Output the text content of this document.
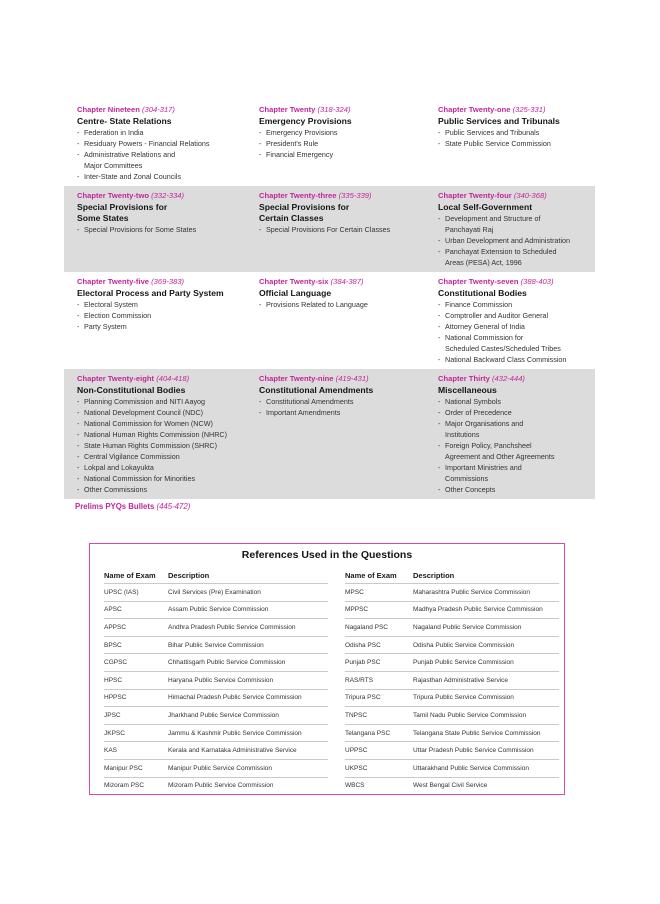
Chapter Nineteen (304-317)
Centre- State Relations
- Federation in India
- Residuary Powers - Financial Relations
- Administrative Relations and
Major Committees
- Inter-State and Zonal Councils
Chapter Twenty (318-324)
Emergency Provisions
- Emergency Provisions
- President's Rule
- Financial Emergency
Chapter Twenty-one (325-331)
Public Services and Tribunals
- Public Services and Tribunals
- State Public Service Commission
Chapter Twenty-two (332-334)
Special Provisions for
Some States
- Special Provisions for Some States
Chapter Twenty-three (335-339)
Special Provisions for
Certain Classes
- Special Provisions For Certain Classes
Chapter Twenty-four (340-368)
Local Self-Government
- Development and Structure of
Panchayati Raj
- Urban Development and Administration
- Panchayat Extension to Scheduled
Areas (PESA) Act, 1996
Chapter Twenty-five (369-383)
Electoral Process and Party System
- Electoral System
- Election Commission
- Party System
Chapter Twenty-six (384-387)
Official Language
- Provisions Related to Language
Chapter Twenty-seven (388-403)
Constitutional Bodies
- Finance Commission
- Comptroller and Auditor General
- Attorney General of India
- National Commission for
Scheduled Castes/Scheduled Tribes
- National Backward Class Commission
Chapter Twenty-eight (404-418)
Non-Constitutional Bodies
- Planning Commission and NITI Aayog
- National Development Council (NDC)
- National Commission for Women (NCW)
- National Human Rights Commission (NHRC)
- State Human Rights Commission (SHRC)
- Central Vigilance Commission
- Lokpal and Lokayukta
- National Commission for Minorities
- Other Commissions
Chapter Twenty-nine (419-431)
Constitutional Amendments
- Constitutional Amendments
- Important Amendments
Chapter Thirty (432-444)
Miscellaneous
- National Symbols
- Order of Precedence
- Major Organisations and
Institutions
- Foreign Policy, Panchsheel
Agreement and Other Agreements
- Important Ministries and
Commissions
- Other Concepts
Prelims PYQs Bullets (445-472)
References Used in the Questions
Name of Exam	Description
UPSC (IAS)	Civil Services (Pre) Examination
APSC	Assam Public Service Commission
APPSC	Andhra Pradesh Public Service Commission
BPSC	Bihar Public Service Commission
CGPSC	Chhattisgarh Public Service Commission
HPSC	Haryana Public Service Commission
HPPSC	Himachal Pradesh Public Service Commission
JPSC	Jharkhand Public Service Commission
JKPSC	Jammu & Kashmir Public Service Commission
KAS	Kerala and Karnataka Administrative Service
Manipur PSC	Manipur Public Service Commission
Mizoram PSC	Mizoram Public Service Commission
Name of Exam	Description
MPSC	Maharashtra Public Service Commission
MPPSC	Madhya Pradesh Public Service Commission
Nagaland PSC	Nagaland Public Service Commission
Odisha PSC	Odisha Public Service Commission
Punjab PSC	Punjab Public Service Commission
RAS/RTS	Rajasthan Administrative Service
Tripura PSC	Tripura Public Service Commission
TNPSC	Tamil Nadu Public Service Commission
Telangana PSC	Telangana State Public Service Commission
UPPSC	Uttar Pradesh Public Service Commission
UKPSC	Uttarakhand Public Service Commission
WBCS	West Bengal Civil Service
